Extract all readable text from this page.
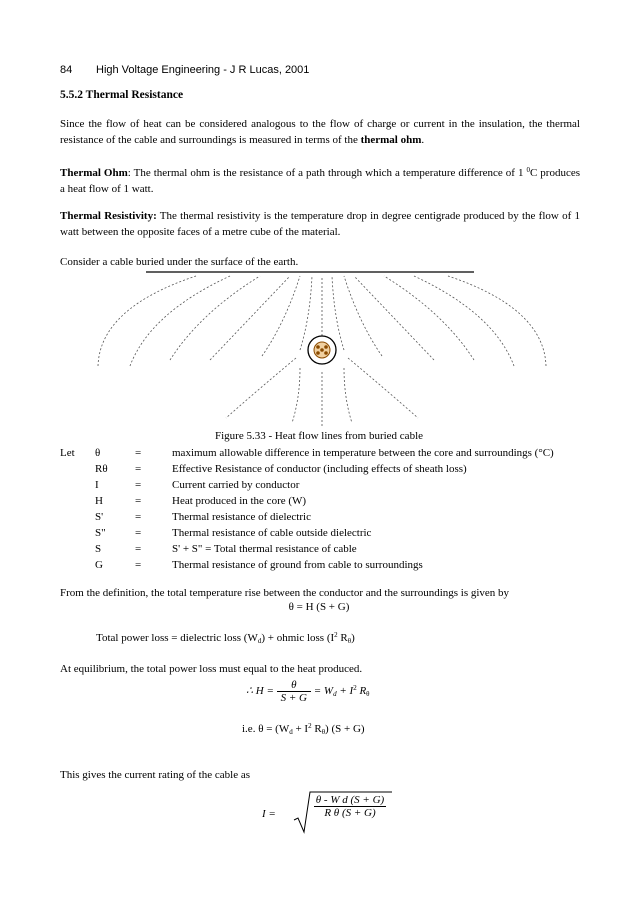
84 High Voltage Engineering - J R Lucas, 2001
5.5.2 Thermal Resistance
Since the flow of heat can be considered analogous to the flow of charge or current in the insulation, the thermal resistance of the cable and surroundings is measured in terms of the thermal ohm.
Thermal Ohm: The thermal ohm is the resistance of a path through which a temperature difference of 1 $^0$C produces a heat flow of 1 watt.
Thermal Resistivity: The thermal resistivity is the temperature drop in degree centigrade produced by the flow of 1 watt between the opposite faces of a metre cube of the material.
Consider a cable buried under the surface of the earth.
Figure 5.33 - Heat flow lines from buried cable
Let θ	=	maximum allowable difference in temperature between the core and surroundings (°C)
Rθ =	Effective Resistance of conductor (including effects of sheath loss)
I	=	Current carried by conductor
H	=	Heat produced in the core (W)
S'	=	Thermal resistance of dielectric
S"	=	Thermal resistance of cable outside dielectric
S	=	S' + S" = Total thermal resistance of cable
G	=	Thermal resistance of ground from cable to surroundings
From the definition, the total temperature rise between the conductor and the surroundings is given by
θ = H (S + G)
Total power loss = dielectric loss $(W_d)$ + ohmic loss ($I^2$ $R_\theta$)
At equilibrium, the total power loss must equal to the heat produced.
∴ $H = \frac{\theta}{S + G} = W_d + I^2$ $R_\theta$
i.e. $\theta = (W_d + I^2$ $R_\theta$) (S + G)
This gives the current rating of the cable as
I =
θ - W d (S + G)
R θ (S + G)
